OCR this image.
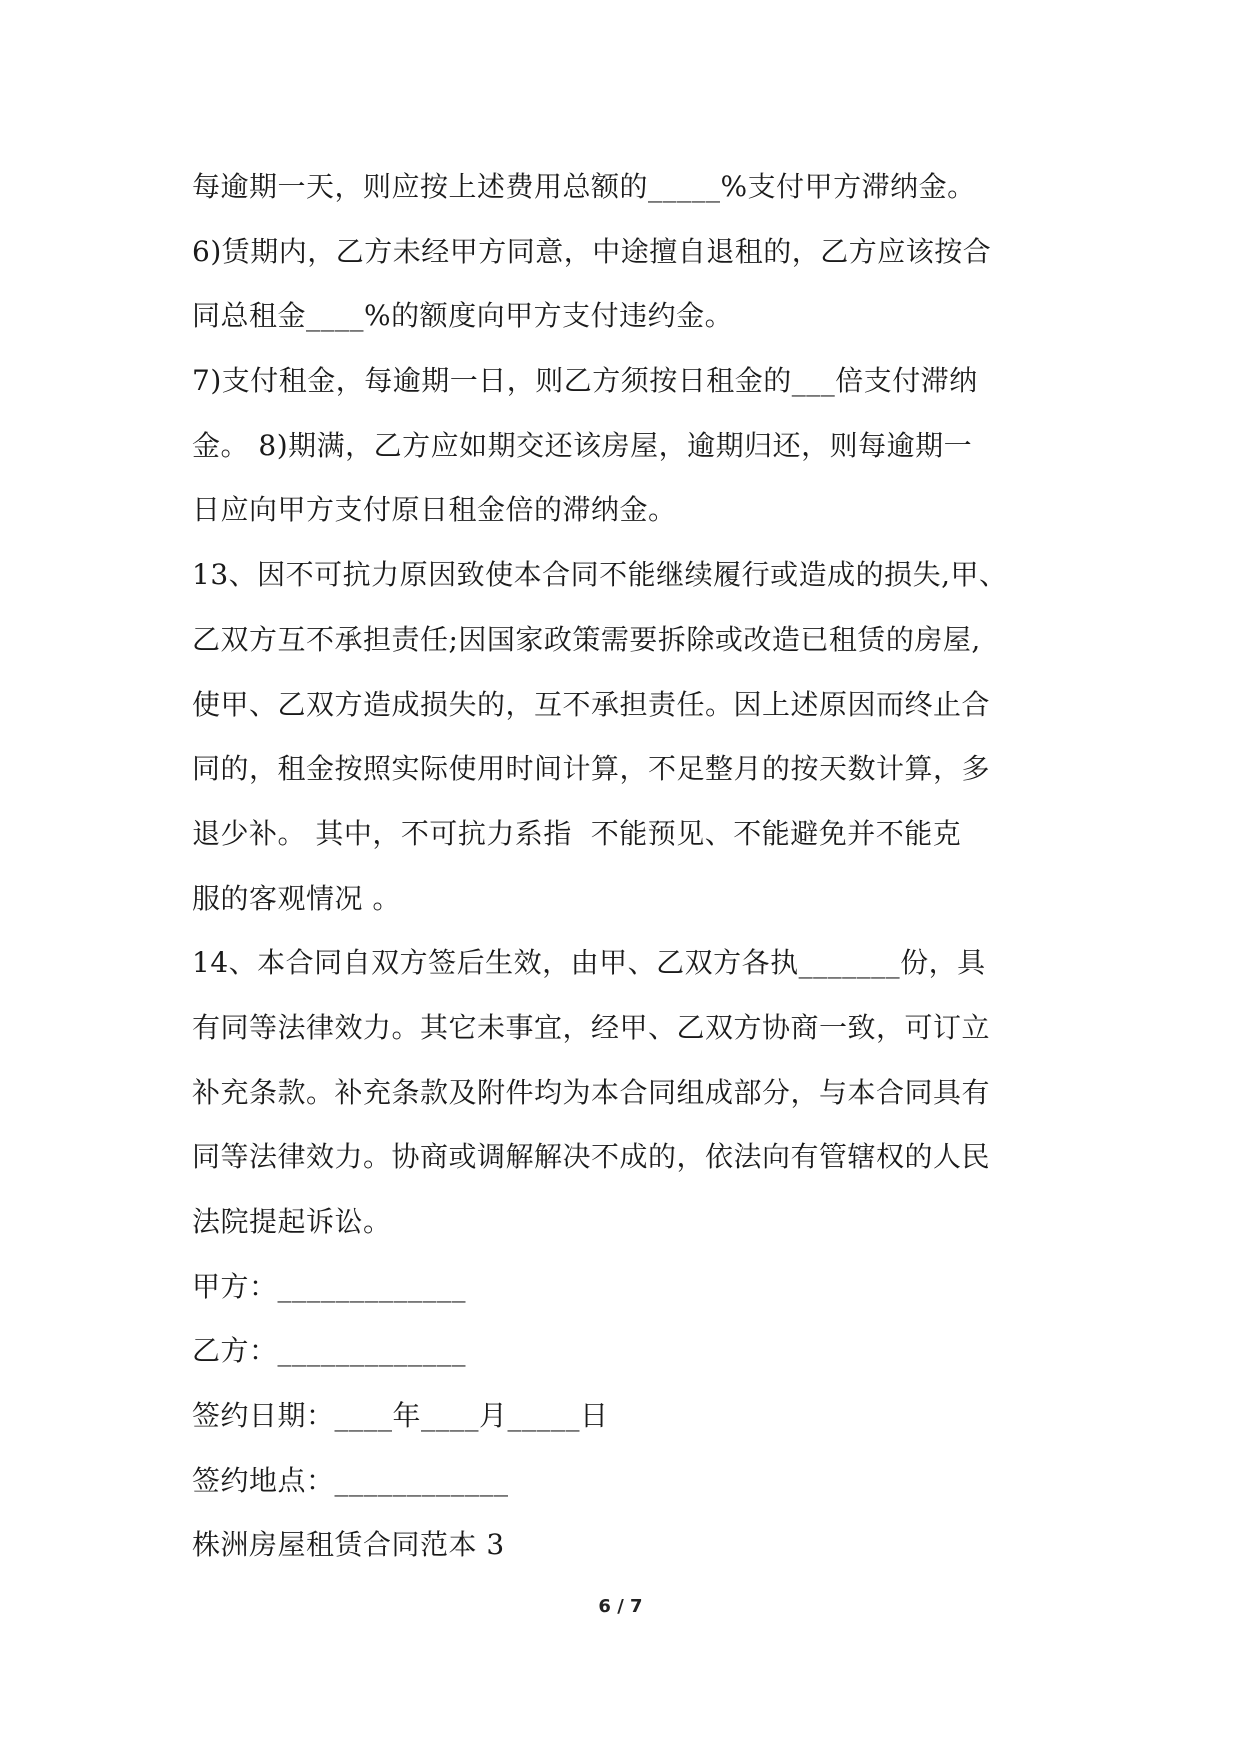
每逾期一天，则应按上述费用总额的_____%支付甲方滞纳金。
6)赁期内，乙方未经甲方同意，中途擅自退租的，乙方应该按合
同总租金____%的额度向甲方支付违约金。
7)支付租金，每逾期一日，则乙方须按日租金的___倍支付滞纳
金。 8)期满，乙方应如期交还该房屋，逾期归还，则每逾期一
日应向甲方支付原日租金倍的滞纳金。
13、因不可抗力原因致使本合同不能继续履行或造成的损失,甲、
乙双方互不承担责任;因国家政策需要拆除或改造已租赁的房屋,
使甲、乙双方造成损失的，互不承担责任。因上述原因而终止合
同的，租金按照实际使用时间计算，不足整月的按天数计算，多
退少补。 其中，不可抗力系指  不能预见、不能避免并不能克
服的客观情况 。
14、本合同自双方签后生效，由甲、乙双方各执_______份，具
有同等法律效力。其它未事宜，经甲、乙双方协商一致，可订立
补充条款。补充条款及附件均为本合同组成部分，与本合同具有
同等法律效力。协商或调解解决不成的，依法向有管辖权的人民
法院提起诉讼。
甲方：_____________
乙方：_____________
签约日期：____年____月_____日
签约地点：____________
株洲房屋租赁合同范本 3
6 / 7
